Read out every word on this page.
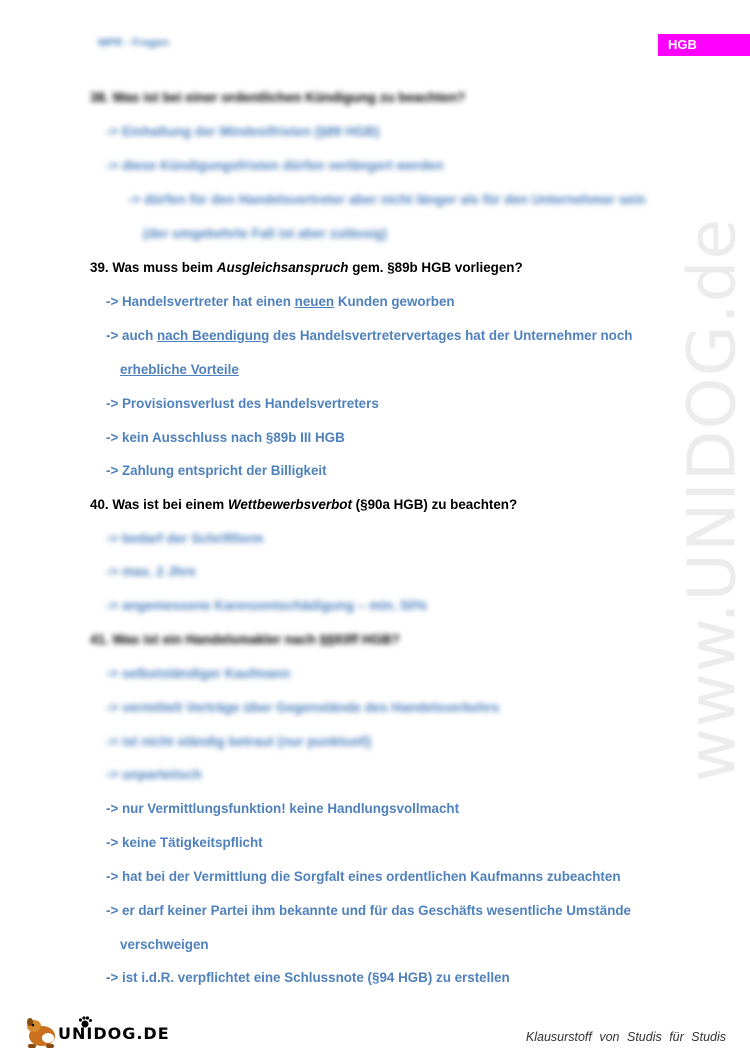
MPR - Fragen	HGB
www.UNIDOG.de
38. Was ist bei einer ordentlichen Kündigung zu beachten?
-> Einhaltung der Mindestfristen (§89 HGB)
-> diese Kündigungsfristen dürfen verlängert werden
-> dürfen für den Handelsvertreter aber nicht länger als für den Unternehmer sein
(der umgekehrte Fall ist aber zulässig)
39. Was muss beim Ausgleichsanspruch gem. §89b HGB vorliegen?
-> Handelsvertreter hat einen neuen Kunden geworben
-> auch nach Beendigung des Handelsvertretervertages hat der Unternehmer noch
erhebliche Vorteile
-> Provisionsverlust des Handelsvertreters
-> kein Ausschluss nach §89b III HGB
-> Zahlung entspricht der Billigkeit
40. Was ist bei einem Wettbewerbsverbot (§90a HGB) zu beachten?
-> bedarf der Schriftform
-> max. 2 Jhre
-> angemessene Karenzentschädigung – min. 50%
41. Was ist ein Handelsmakler nach §§93ff HGB?
-> selbstständiger Kaufmann
-> vermittelt Verträge über Gegenstände des Handelsverkehrs
-> ist nicht ständig betraut (nur punktuell)
-> unparteiisch
-> nur Vermittlungsfunktion! keine Handlungsvollmacht
-> keine Tätigkeitspflicht
-> hat bei der Vermittlung die Sorgfalt eines ordentlichen Kaufmanns zubeachten
-> er darf keiner Partei ihm bekannte und für das Geschäfts wesentliche Umstände
verschweigen
-> ist i.d.R. verpflichtet eine Schlussnote (§94 HGB) zu erstellen
UNIDOG.DE	Klausurstoff von Studis für Studis
